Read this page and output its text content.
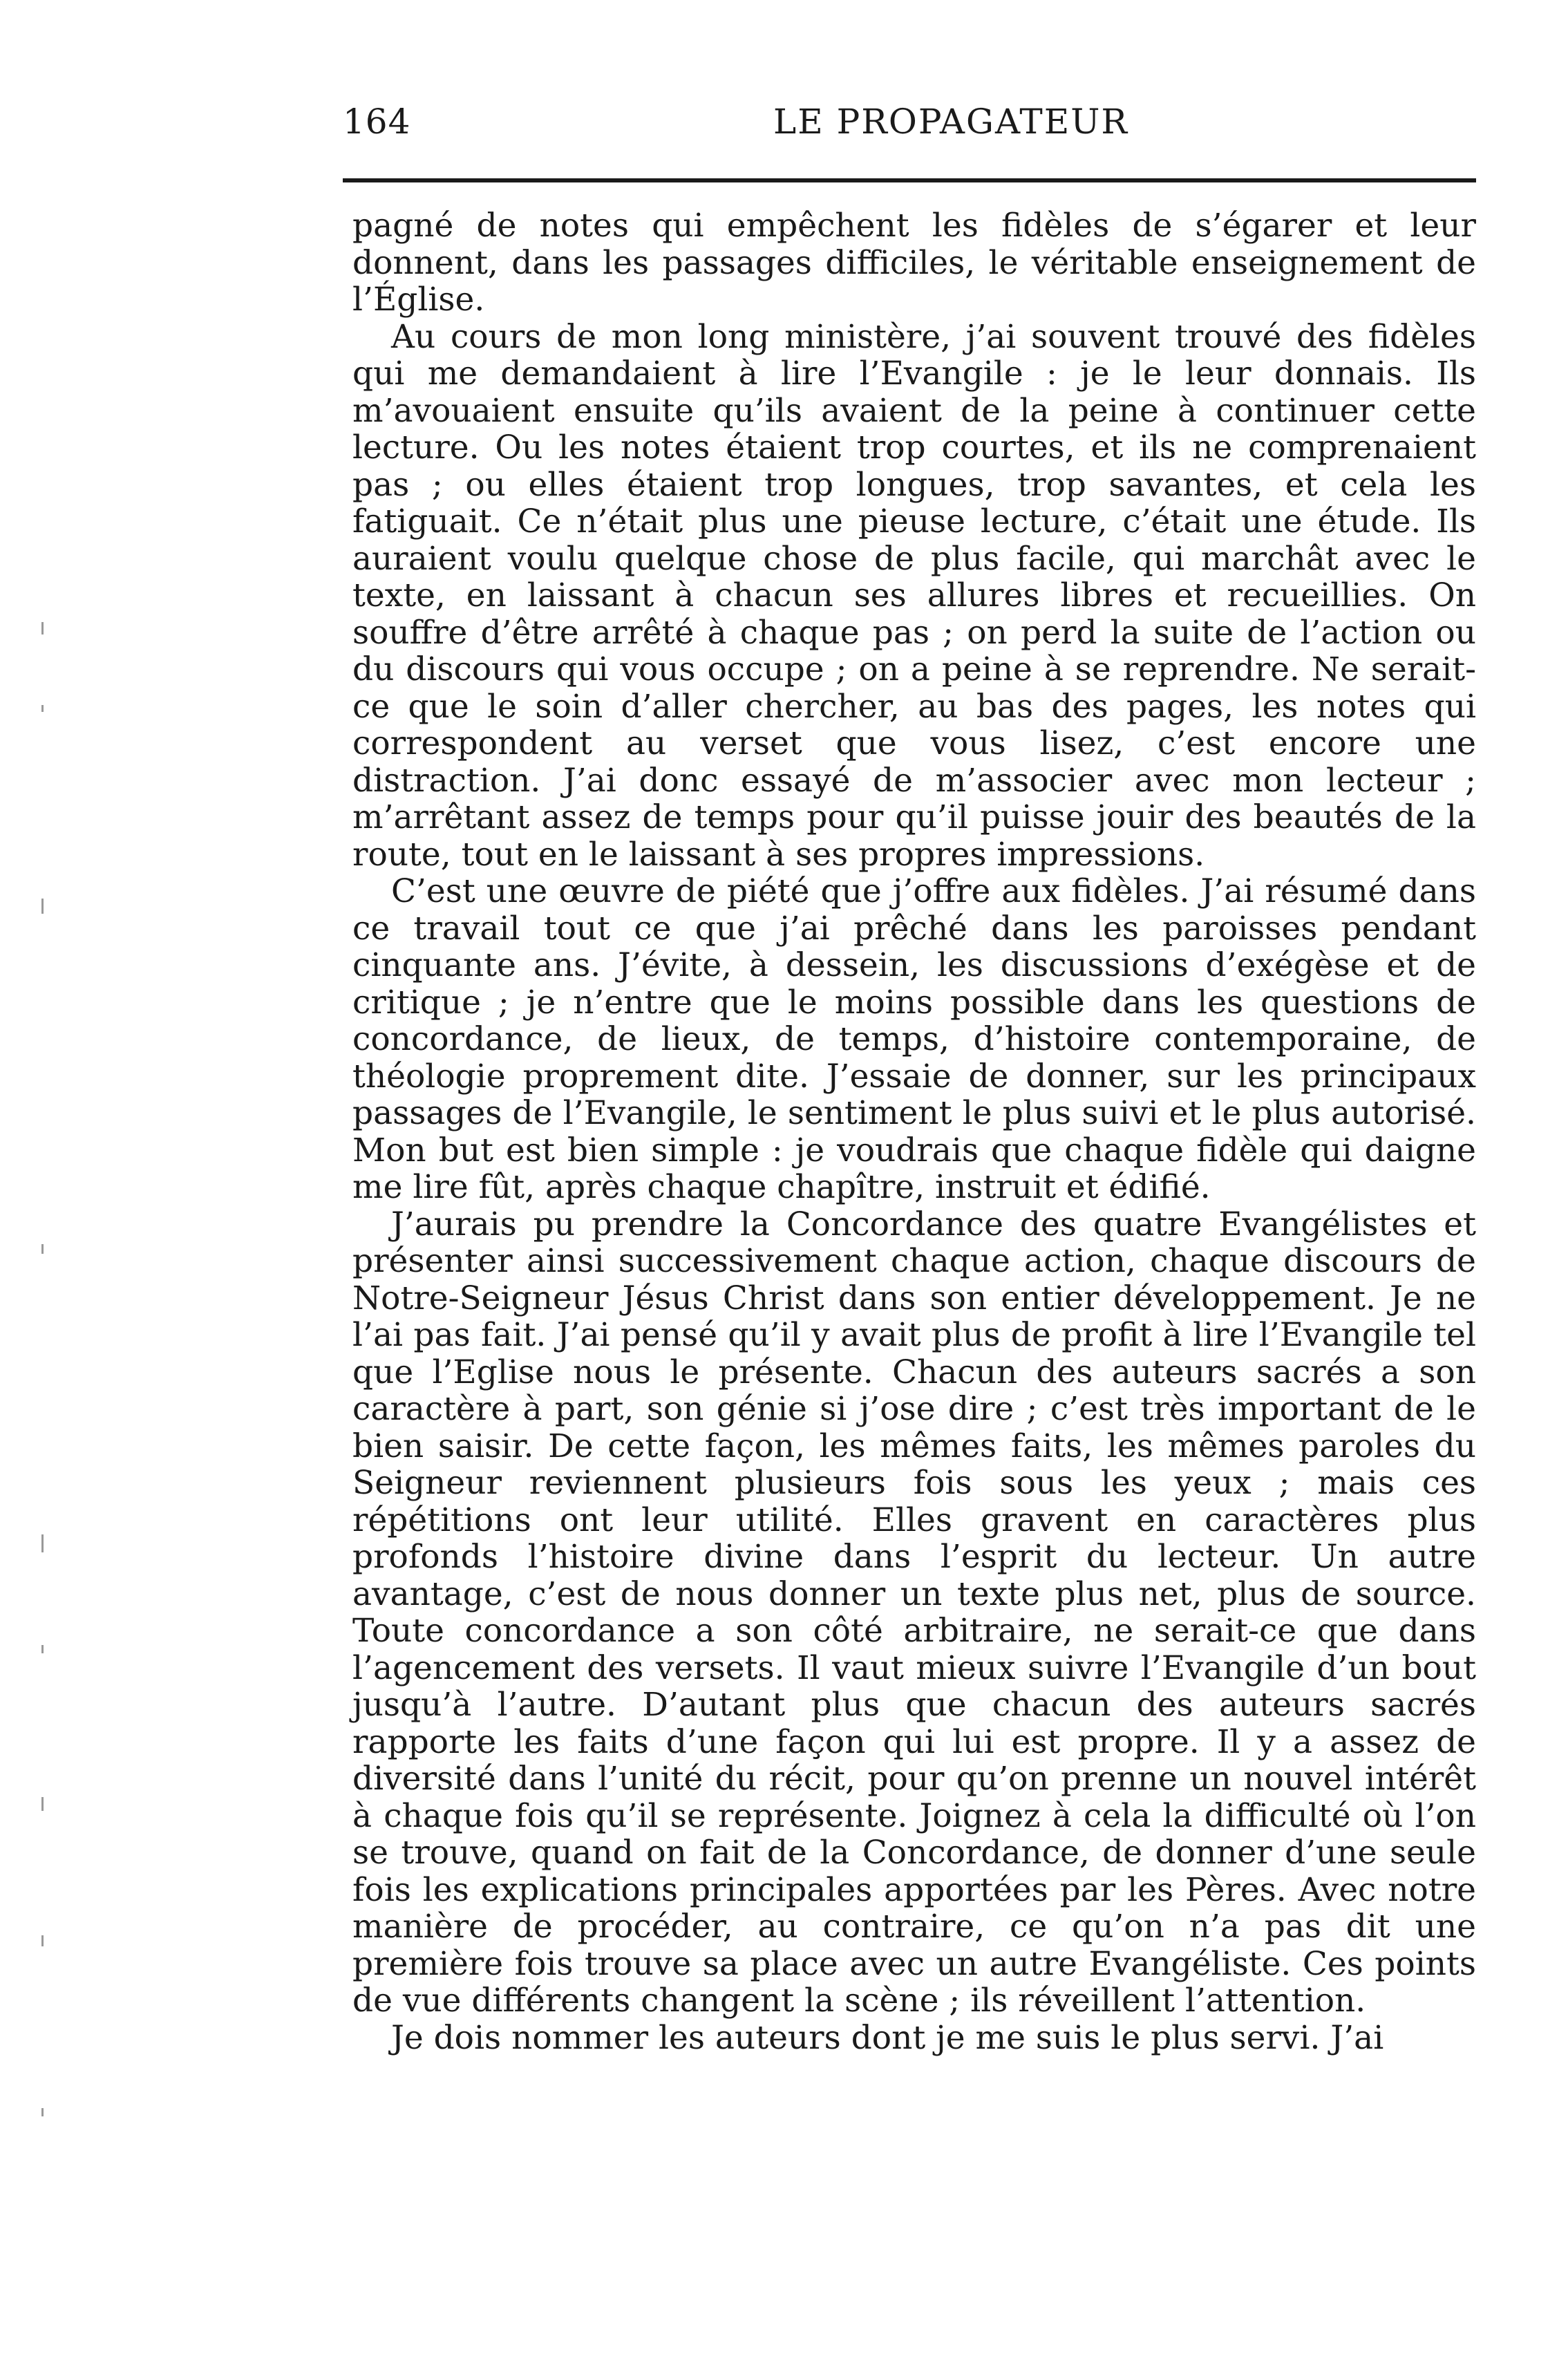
164	LE PROPAGATEUR

pagné de notes qui empêchent les fidèles de s’égarer et leur donnent, dans les passages difficiles, le véritable enseignement de l’Église.

Au cours de mon long ministère, j’ai souvent trouvé des fidèles qui me demandaient à lire l’Evangile : je le leur donnais. Ils m’avouaient ensuite qu’ils avaient de la peine à continuer cette lecture. Ou les notes étaient trop courtes, et ils ne comprenaient pas ; ou elles étaient trop longues, trop savantes, et cela les fatiguait. Ce n’était plus une pieuse lecture, c’était une étude. Ils auraient voulu quelque chose de plus facile, qui marchât avec le texte, en laissant à chacun ses allures libres et recueillies. On souffre d’être arrêté à chaque pas ; on perd la suite de l’action ou du discours qui vous occupe ; on a peine à se reprendre. Ne serait-ce que le soin d’aller chercher, au bas des pages, les notes qui correspondent au verset que vous lisez, c’est encore une distraction. J’ai donc essayé de m’associer avec mon lecteur ; m’arrêtant assez de temps pour qu’il puisse jouir des beautés de la route, tout en le laissant à ses propres impressions.

C’est une œuvre de piété que j’offre aux fidèles. J’ai résumé dans ce travail tout ce que j’ai prêché dans les paroisses pendant cinquante ans. J’évite, à dessein, les discussions d’exégèse et de critique ; je n’entre que le moins possible dans les questions de concordance, de lieux, de temps, d’histoire contemporaine, de théologie proprement dite. J’essaie de donner, sur les principaux passages de l’Evangile, le sentiment le plus suivi et le plus autorisé. Mon but est bien simple : je voudrais que chaque fidèle qui daigne me lire fût, après chaque chapître, instruit et édifié.

J’aurais pu prendre la Concordance des quatre Evangélistes et présenter ainsi successivement chaque action, chaque discours de Notre-Seigneur Jésus Christ dans son entier développement. Je ne l’ai pas fait. J’ai pensé qu’il y avait plus de profit à lire l’Evangile tel que l’Eglise nous le présente. Chacun des auteurs sacrés a son caractère à part, son génie si j’ose dire ; c’est très important de le bien saisir. De cette façon, les mêmes faits, les mêmes paroles du Seigneur reviennent plusieurs fois sous les yeux ; mais ces répétitions ont leur utilité. Elles gravent en caractères plus profonds l’histoire divine dans l’esprit du lecteur. Un autre avantage, c’est de nous donner un texte plus net, plus de source. Toute concordance a son côté arbitraire, ne serait-ce que dans l’agencement des versets. Il vaut mieux suivre l’Evangile d’un bout jusqu’à l’autre. D’autant plus que chacun des auteurs sacrés rapporte les faits d’une façon qui lui est propre. Il y a assez de diversité dans l’unité du récit, pour qu’on prenne un nouvel intérêt à chaque fois qu’il se représente. Joignez à cela la difficulté où l’on se trouve, quand on fait de la Concordance, de donner d’une seule fois les explications principales apportées par les Pères. Avec notre manière de procéder, au contraire, ce qu’on n’a pas dit une première fois trouve sa place avec un autre Evangéliste. Ces points de vue différents changent la scène ; ils réveillent l’attention.

Je dois nommer les auteurs dont je me suis le plus servi. J’ai
